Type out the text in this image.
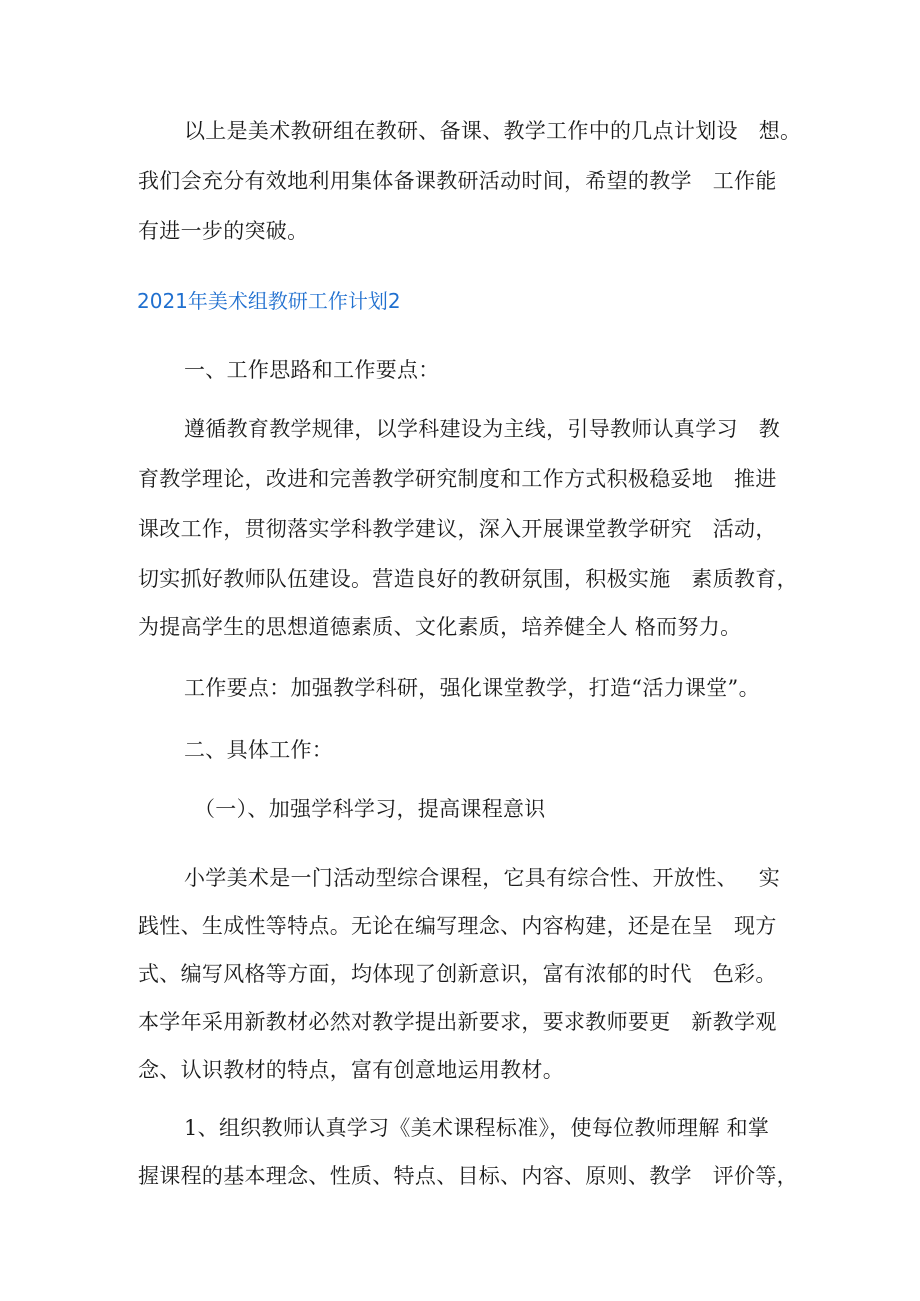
以上是美术教研组在教研、备课、教学工作中的几点计划设   想。
我们会充分有效地利用集体备课教研活动时间，希望的教学   工作能
有进一步的突破。
2021年美术组教研工作计划2
一、工作思路和工作要点：
遵循教育教学规律，以学科建设为主线，引导教师认真学习   教
育教学理论，改进和完善教学研究制度和工作方式积极稳妥地   推进
课改工作，贯彻落实学科教学建议，深入开展课堂教学研究   活动，
切实抓好教师队伍建设。营造良好的教研氛围，积极实施   素质教育，
为提高学生的思想道德素质、文化素质，培养健全人 格而努力。
工作要点：加强教学科研，强化课堂教学，打造“活力课堂”。
二、具体工作：
（一）、加强学科学习，提高课程意识
小学美术是一门活动型综合课程，它具有综合性、开放性、   实
践性、生成性等特点。无论在编写理念、内容构建，还是在呈   现方
式、编写风格等方面，均体现了创新意识，富有浓郁的时代   色彩。
本学年采用新教材必然对教学提出新要求，要求教师要更   新教学观
念、认识教材的特点，富有创意地运用教材。
1、组织教师认真学习《美术课程标准》，使每位教师理解 和掌
握课程的基本理念、性质、特点、目标、内容、原则、教学   评价等，
